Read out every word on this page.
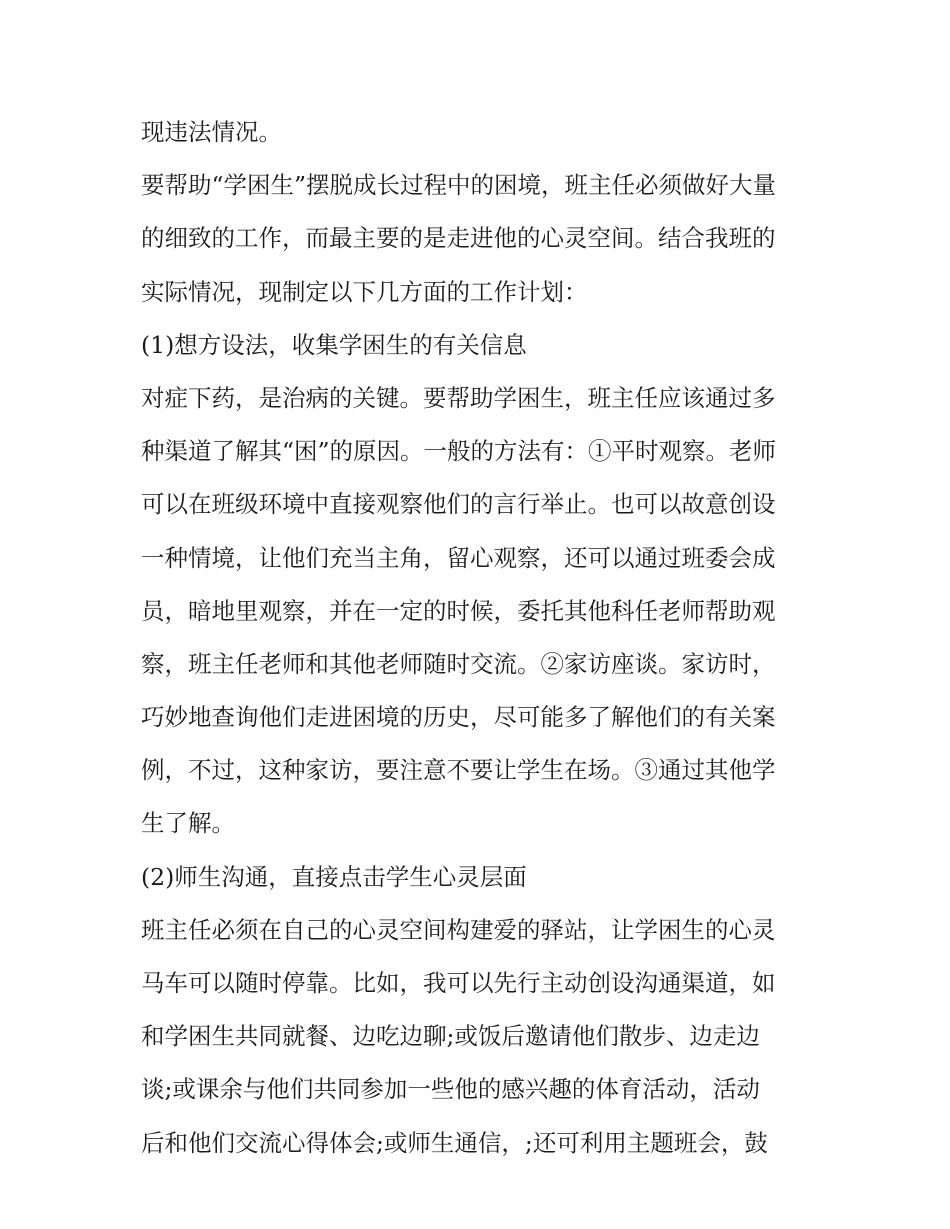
现违法情况。
要帮助“学困生”摆脱成长过程中的困境，班主任必须做好大量
的细致的工作，而最主要的是走进他的心灵空间。结合我班的
实际情况，现制定以下几方面的工作计划：
(1)想方设法，收集学困生的有关信息
对症下药，是治病的关键。要帮助学困生，班主任应该通过多
种渠道了解其“困”的原因。一般的方法有：①平时观察。老师
可以在班级环境中直接观察他们的言行举止。也可以故意创设
一种情境，让他们充当主角，留心观察，还可以通过班委会成
员，暗地里观察，并在一定的时候，委托其他科任老师帮助观
察，班主任老师和其他老师随时交流。②家访座谈。家访时，
巧妙地查询他们走进困境的历史，尽可能多了解他们的有关案
例，不过，这种家访，要注意不要让学生在场。③通过其他学
生了解。
(2)师生沟通，直接点击学生心灵层面
班主任必须在自己的心灵空间构建爱的驿站，让学困生的心灵
马车可以随时停靠。比如，我可以先行主动创设沟通渠道，如
和学困生共同就餐、边吃边聊;或饭后邀请他们散步、边走边
谈;或课余与他们共同参加一些他的感兴趣的体育活动，活动
后和他们交流心得体会;或师生通信，;还可利用主题班会，鼓
